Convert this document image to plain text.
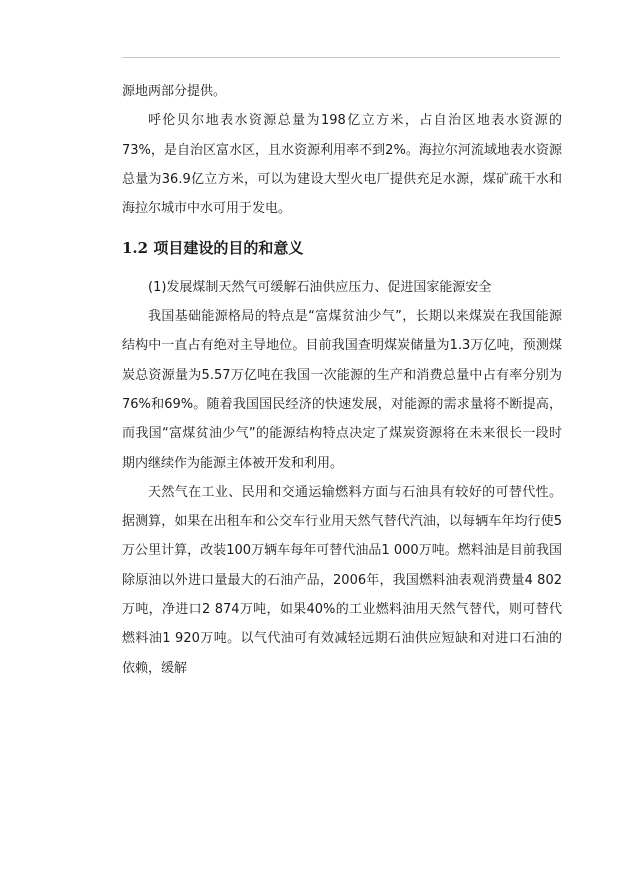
源地两部分提供。

呼伦贝尔地表水资源总量为198亿立方米，占自治区地表水资源的73%，是自治区富水区，且水资源利用率不到2%。海拉尔河流域地表水资源总量为36.9亿立方米，可以为建设大型火电厂提供充足水源，煤矿疏干水和海拉尔城市中水可用于发电。

1.2 项目建设的目的和意义

(1)发展煤制天然气可缓解石油供应压力、促进国家能源安全

我国基础能源格局的特点是“富煤贫油少气”，长期以来煤炭在我国能源结构中一直占有绝对主导地位。目前我国查明煤炭储量为1.3万亿吨，预测煤炭总资源量为5.57万亿吨在我国一次能源的生产和消费总量中占有率分别为76%和69%。随着我国国民经济的快速发展，对能源的需求量将不断提高，而我国“富煤贫油少气”的能源结构特点决定了煤炭资源将在未来很长一段时期内继续作为能源主体被开发和利用。

天然气在工业、民用和交通运输燃料方面与石油具有较好的可替代性。据测算，如果在出租车和公交车行业用天然气替代汽油，以每辆车年均行使5万公里计算，改装100万辆车每年可替代油品1 000万吨。燃料油是目前我国除原油以外进口量最大的石油产品，2006年，我国燃料油表观消费量4 802万吨，净进口2 874万吨，如果40%的工业燃料油用天然气替代，则可替代燃料油1 920万吨。以气代油可有效减轻远期石油供应短缺和对进口石油的依赖，缓解
